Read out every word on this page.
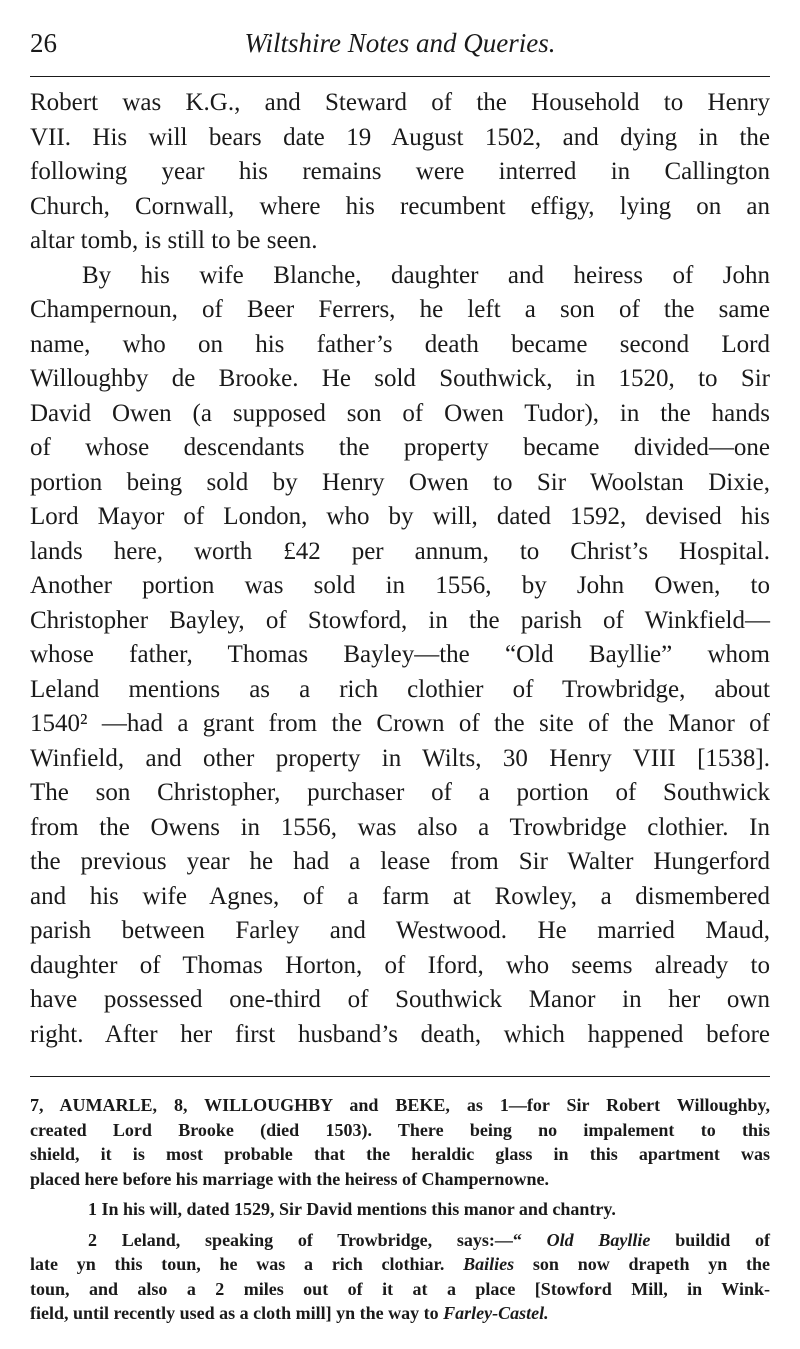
26	Wiltshire Notes and Queries.
Robert was K.G., and Steward of the Household to Henry
VII. His will bears date 19 August 1502, and dying in the
following year his remains were interred in Callington
Church, Cornwall, where his recumbent effigy, lying on an
altar tomb, is still to be seen.
By his wife Blanche, daughter and heiress of John
Champernoun, of Beer Ferrers, he left a son of the same
name, who on his father’s death became second Lord
Willoughby de Brooke. He sold Southwick, in 1520, to Sir
David Owen (a supposed son of Owen Tudor), in the hands
of whose descendants the property became divided—one
portion being sold by Henry Owen to Sir Woolstan Dixie,
Lord Mayor of London, who by will, dated 1592, devised his
lands here, worth £42 per annum, to Christ’s Hospital.
Another portion was sold in 1556, by John Owen, to
Christopher Bayley, of Stowford, in the parish of Winkfield—
whose father, Thomas Bayley—the “Old Bayllie” whom
Leland mentions as a rich clothier of Trowbridge, about
1540² —had a grant from the Crown of the site of the Manor of
Winfield, and other property in Wilts, 30 Henry VIII [1538].
The son Christopher, purchaser of a portion of Southwick
from the Owens in 1556, was also a Trowbridge clothier. In
the previous year he had a lease from Sir Walter Hungerford
and his wife Agnes, of a farm at Rowley, a dismembered
parish between Farley and Westwood. He married Maud,
daughter of Thomas Horton, of Iford, who seems already to
have possessed one-third of Southwick Manor in her own
right. After her first husband’s death, which happened before
7, AUMARLE, 8, WILLOUGHBY and BEKE, as 1—for Sir Robert Willoughby,
created Lord Brooke (died 1503). There being no impalement to this
shield, it is most probable that the heraldic glass in this apartment was
placed here before his marriage with the heiress of Champernowne.
1 In his will, dated 1529, Sir David mentions this manor and chantry.
2 Leland, speaking of Trowbridge, says:—“ Old Bayllie buildid of
late yn this toun, he was a rich clothiar. Bailies son now drapeth yn the
toun, and also a 2 miles out of it at a place [Stowford Mill, in Wink-
field, until recently used as a cloth mill] yn the way to Farley-Castel.
